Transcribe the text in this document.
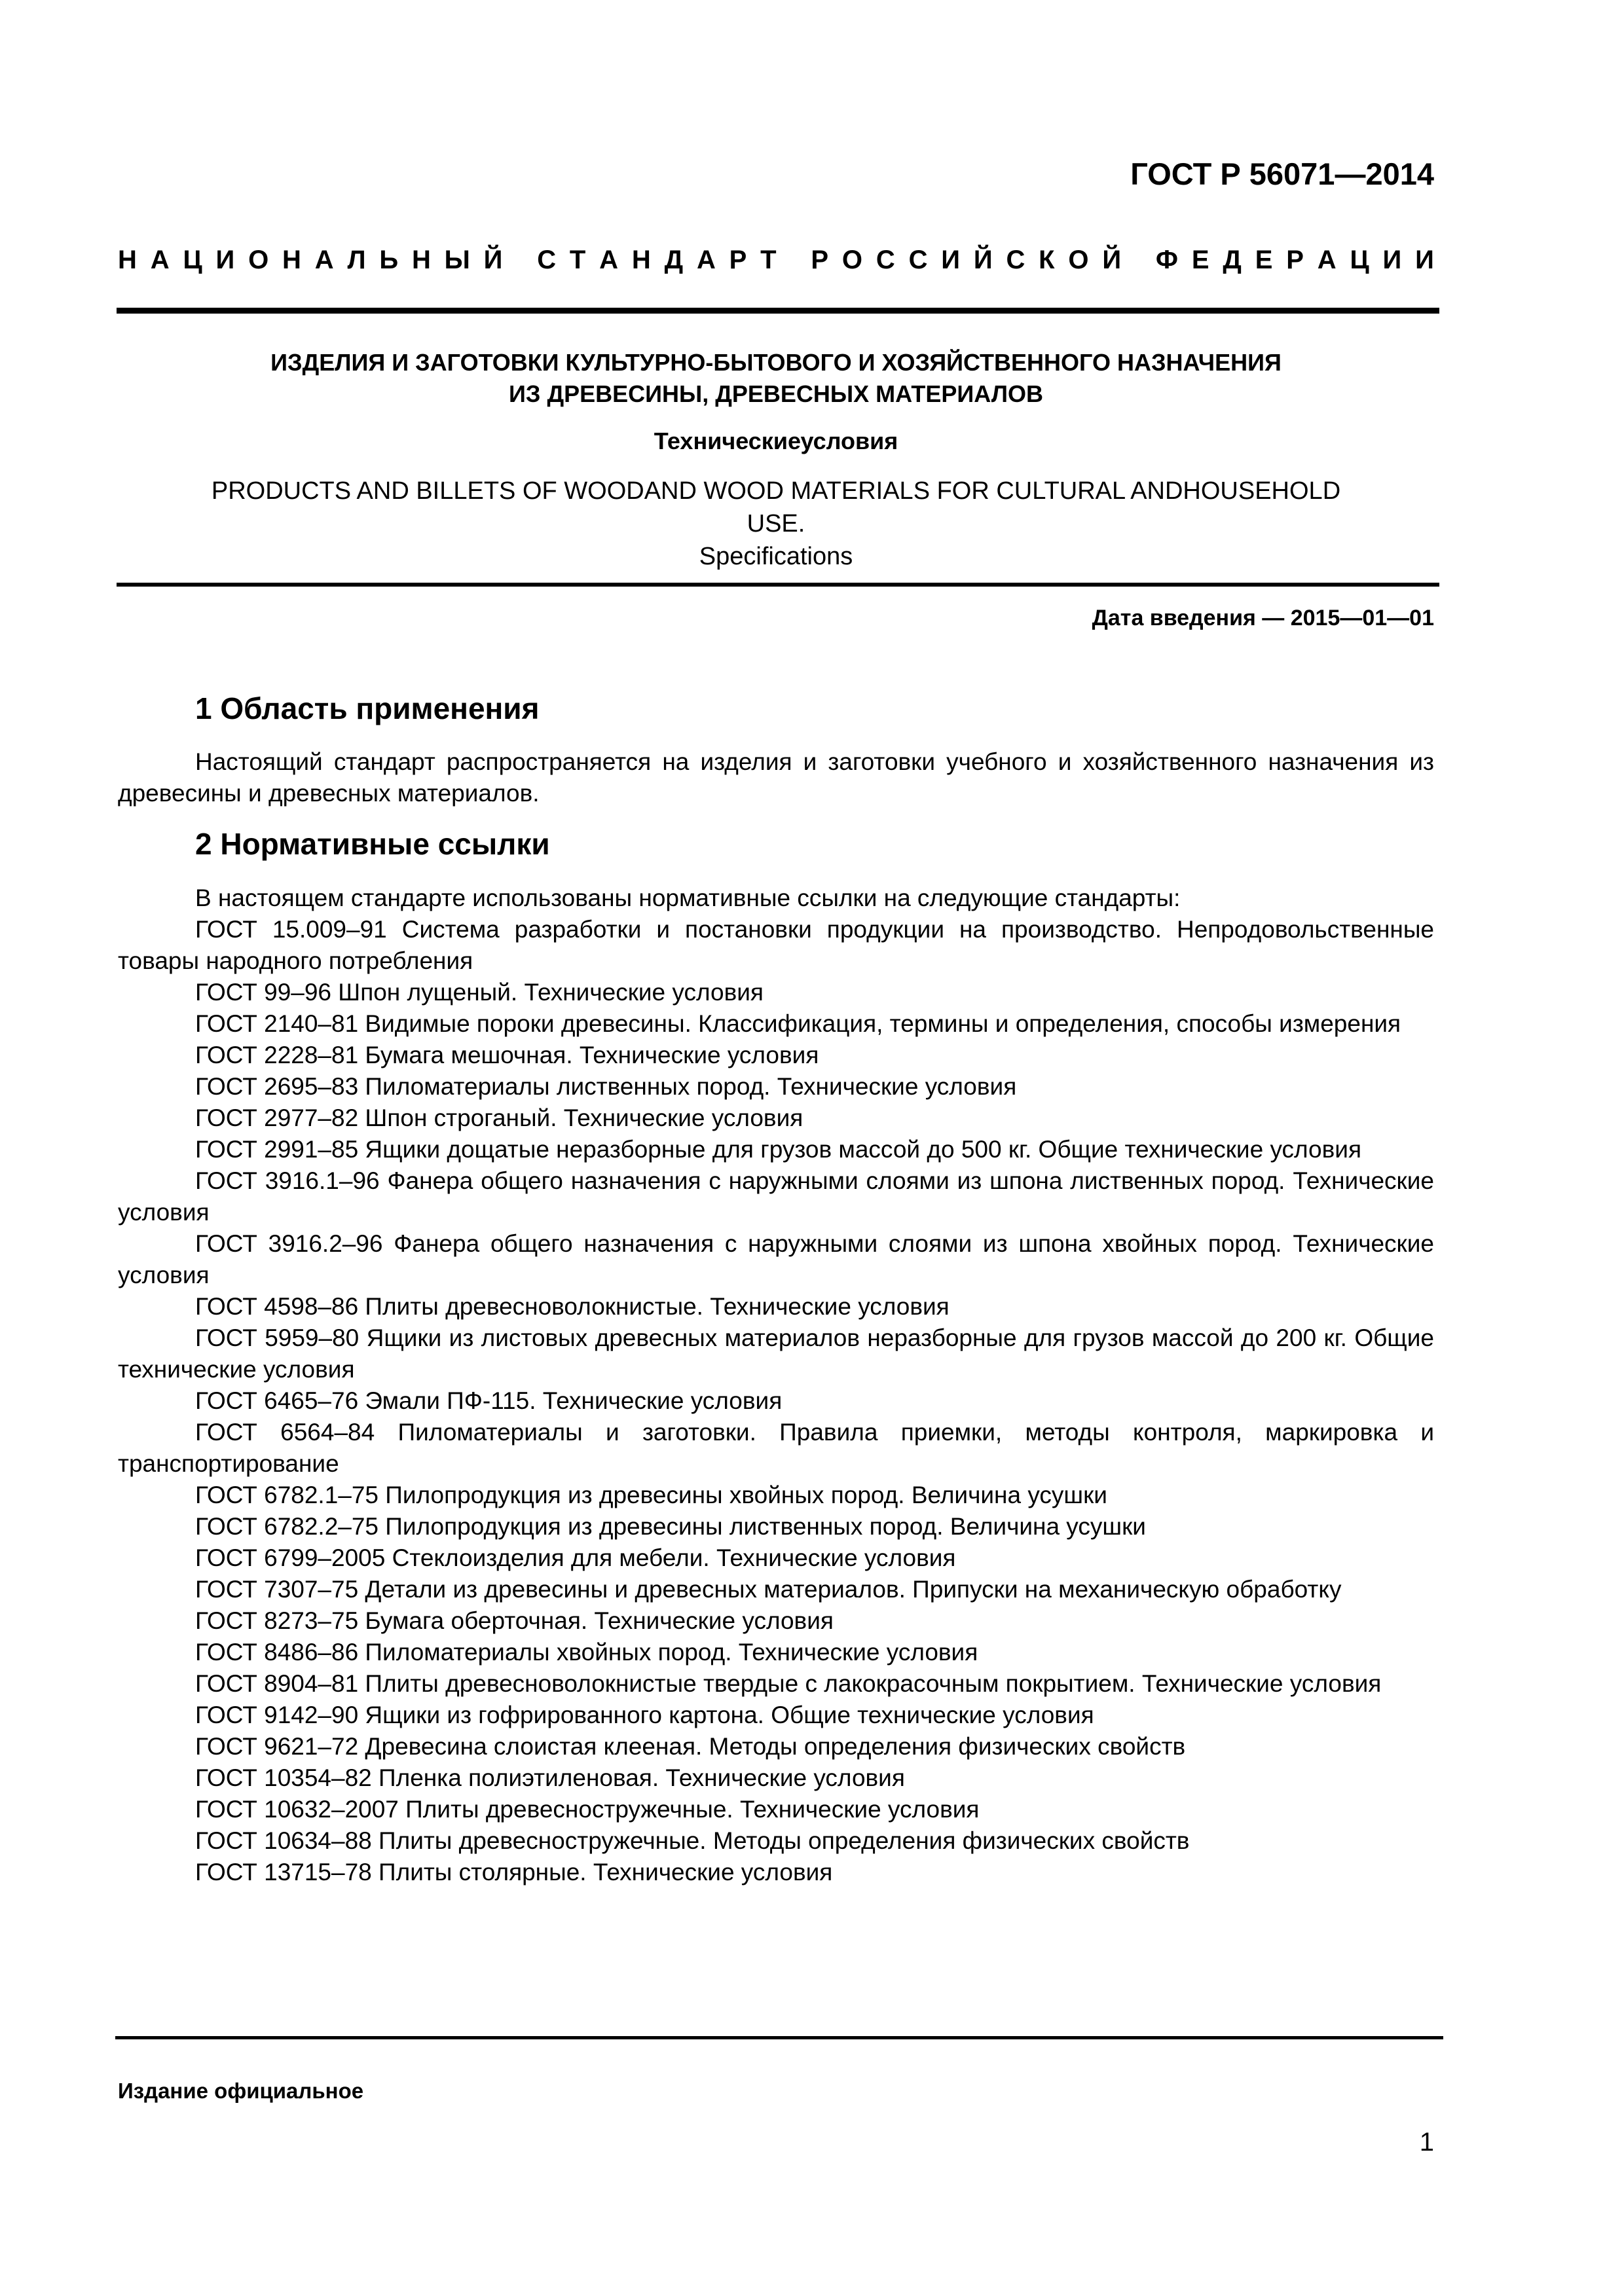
ГОСТ Р 56071—2014
Н А Ц И О Н А Л Ь Н Ы Й
С Т А Н Д А Р Т
Р О С С И Й С К О Й
Ф Е Д Е Р А Ц И И
ИЗДЕЛИЯ И ЗАГОТОВКИ КУЛЬТУРНО-БЫТОВОГО И ХОЗЯЙСТВЕННОГО НАЗНАЧЕНИЯ
ИЗ ДРЕВЕСИНЫ, ДРЕВЕСНЫХ МАТЕРИАЛОВ
Техническиеусловия
PRODUCTS AND BILLETS OF WOODAND WOOD MATERIALS FOR CULTURAL ANDHOUSEHOLD
USE.
Specifications
Дата введения — 2015—01—01
1 Область применения

Настоящий стандарт распространяется на изделия и заготовки учебного и хозяйственного назначения из древесины и древесных материалов.

2 Нормативные ссылки

В настоящем стандарте использованы нормативные ссылки на следующие стандарты:

ГОСТ 15.009–91 Система разработки и постановки продукции на производство. Непродовольственные товары народного потребления

ГОСТ 99–96 Шпон лущеный. Технические условия

ГОСТ 2140–81 Видимые пороки древесины. Классификация, термины и определения, способы измерения

ГОСТ 2228–81 Бумага мешочная. Технические условия

ГОСТ 2695–83 Пиломатериалы лиственных пород. Технические условия

ГОСТ 2977–82 Шпон строганый. Технические условия

ГОСТ 2991–85 Ящики дощатые неразборные для грузов массой до 500 кг. Общие технические условия

ГОСТ 3916.1–96 Фанера общего назначения с наружными слоями из шпона лиственных пород. Технические условия

ГОСТ 3916.2–96 Фанера общего назначения с наружными слоями из шпона хвойных пород. Технические условия

ГОСТ 4598–86 Плиты древесноволокнистые. Технические условия

ГОСТ 5959–80 Ящики из листовых древесных материалов неразборные для грузов массой до 200 кг. Общие технические условия

ГОСТ 6465–76 Эмали ПФ-115. Технические условия

ГОСТ 6564–84 Пиломатериалы и заготовки. Правила приемки, методы контроля, маркировка и транспортирование

ГОСТ 6782.1–75 Пилопродукция из древесины хвойных пород. Величина усушки

ГОСТ 6782.2–75 Пилопродукция из древесины лиственных пород. Величина усушки

ГОСТ 6799–2005 Стеклоизделия для мебели. Технические условия

ГОСТ 7307–75 Детали из древесины и древесных материалов. Припуски на механическую обработку

ГОСТ 8273–75 Бумага оберточная. Технические условия

ГОСТ 8486–86 Пиломатериалы хвойных пород. Технические условия

ГОСТ 8904–81 Плиты древесноволокнистые твердые с лакокрасочным покрытием. Технические условия

ГОСТ 9142–90 Ящики из гофрированного картона. Общие технические условия

ГОСТ 9621–72 Древесина слоистая клееная. Методы определения физических свойств

ГОСТ 10354–82 Пленка полиэтиленовая. Технические условия

ГОСТ 10632–2007 Плиты древесностружечные. Технические условия

ГОСТ 10634–88 Плиты древесностружечные. Методы определения физических свойств

ГОСТ 13715–78 Плиты столярные. Технические условия

Издание официальное
1
